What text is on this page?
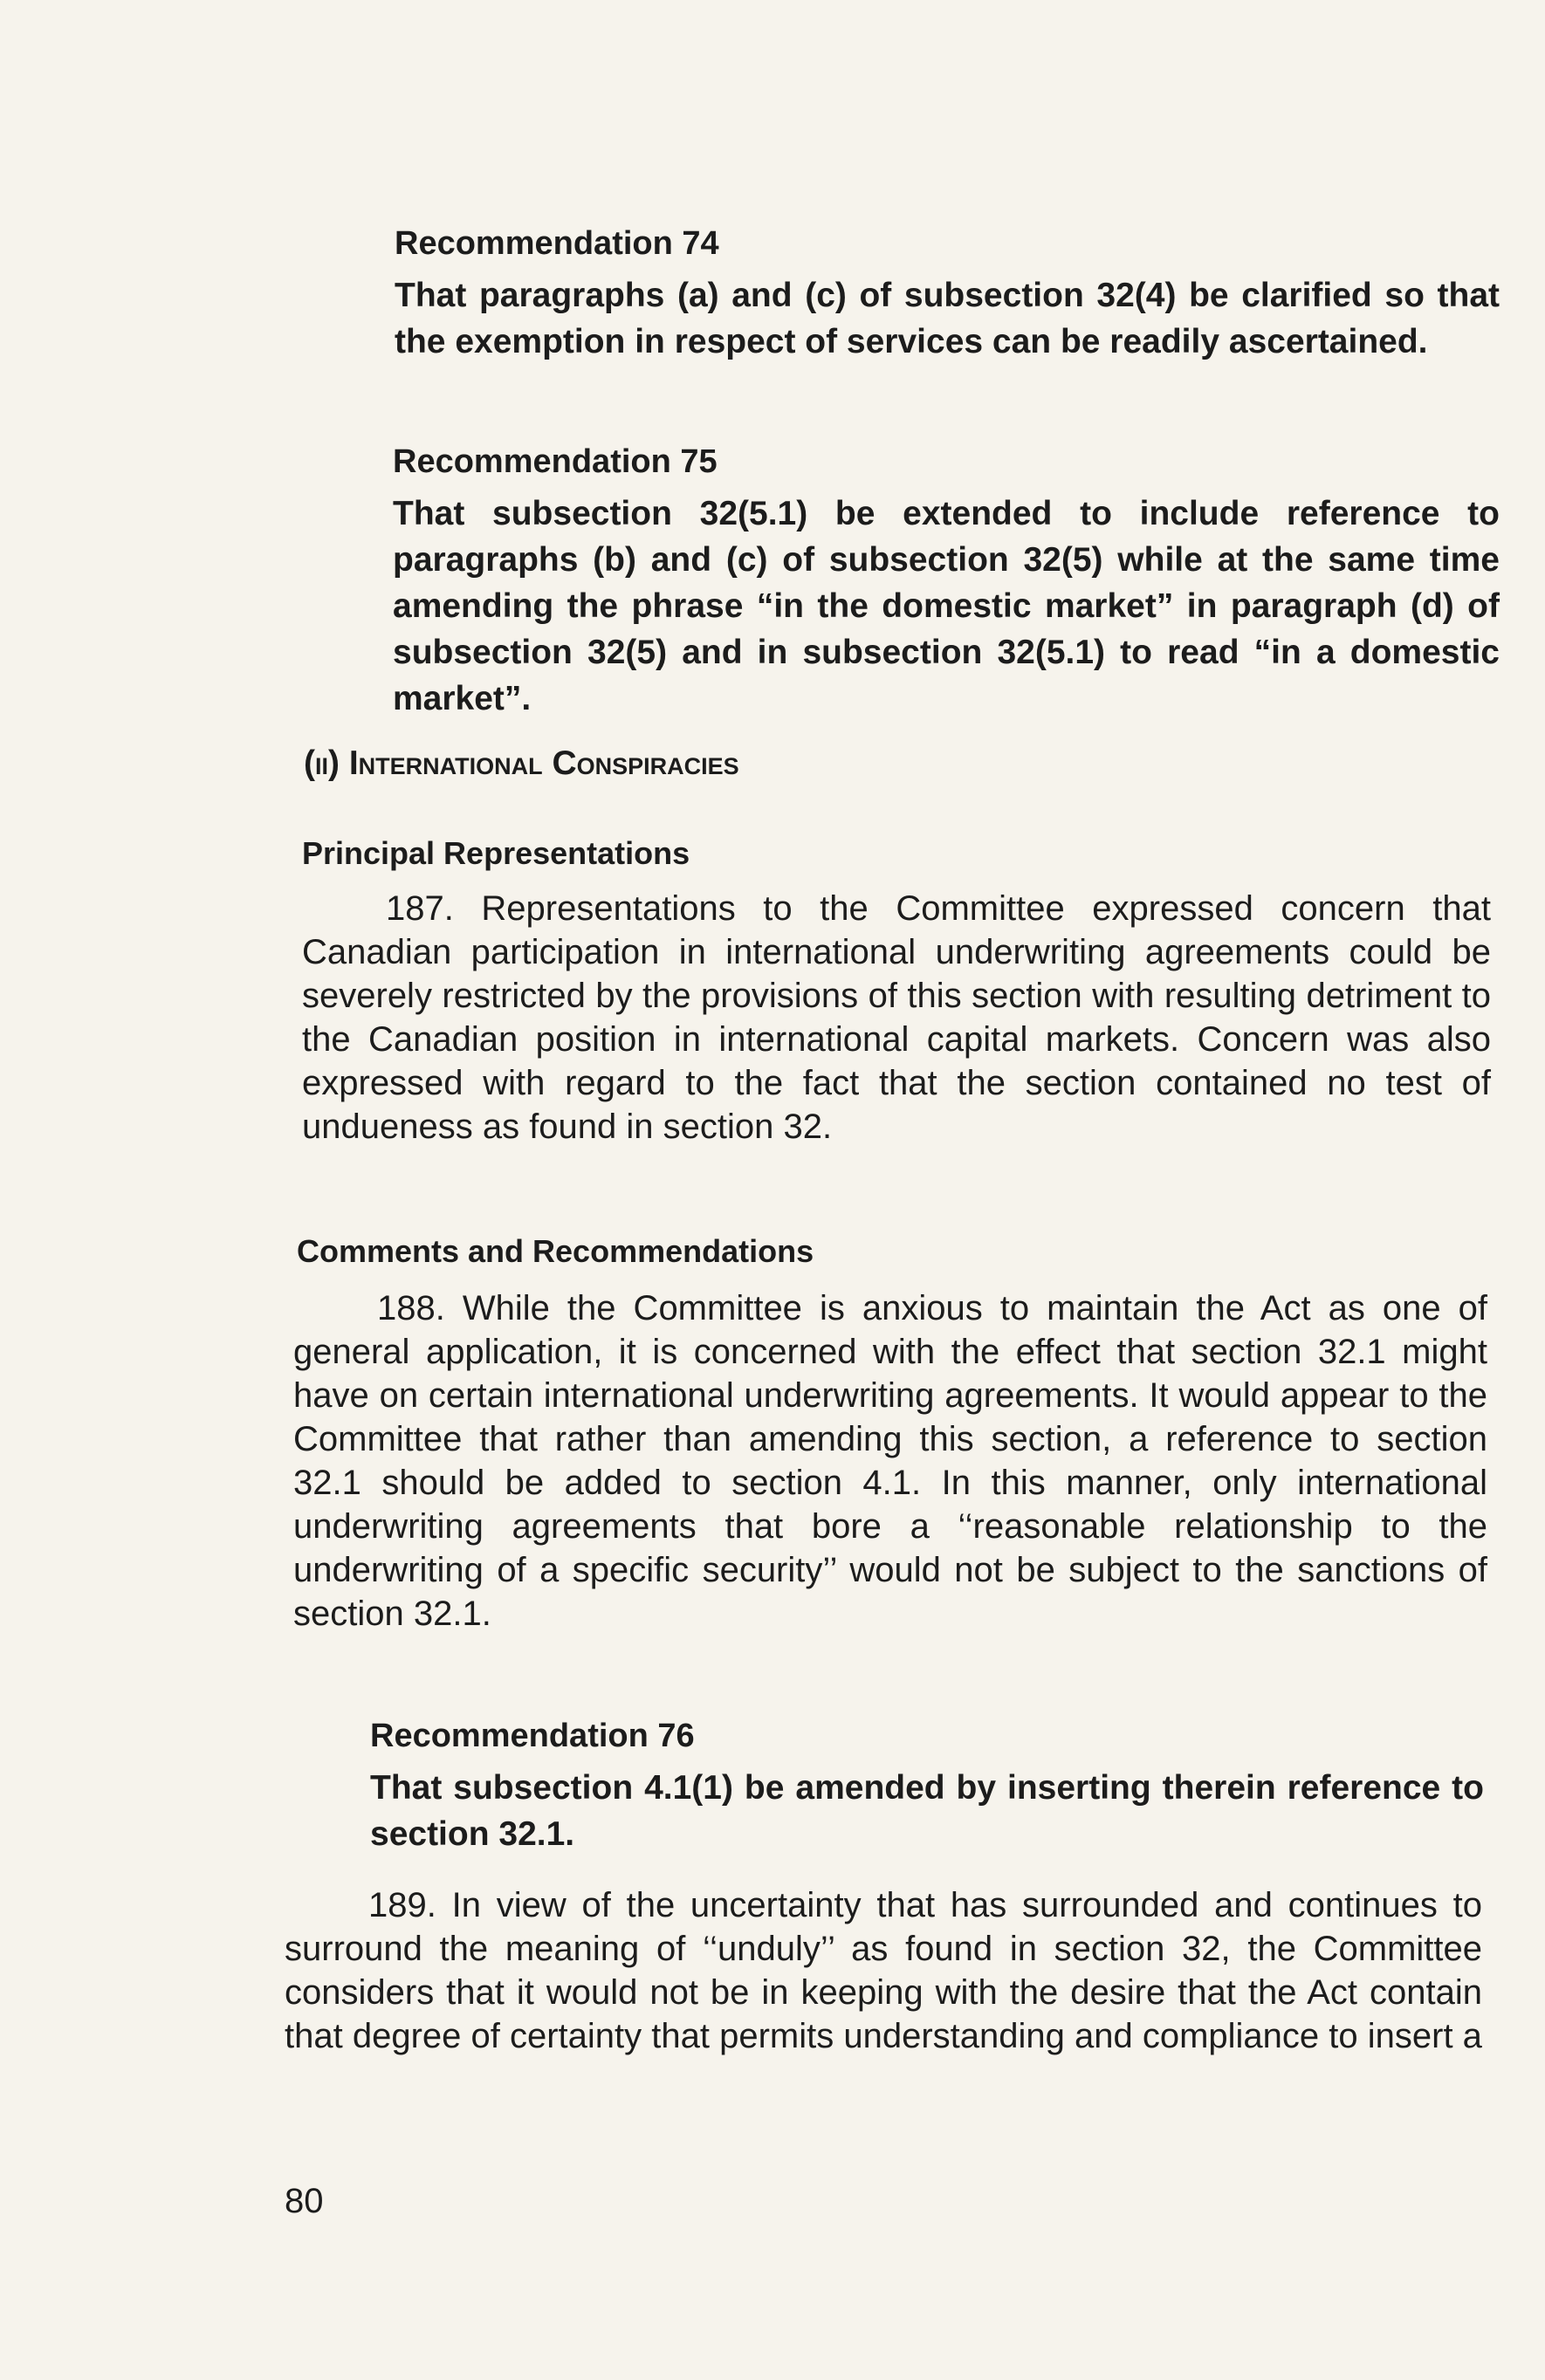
Recommendation 74

That paragraphs (a) and (c) of subsection 32(4) be clarified so that the exemption in respect of services can be readily ascertained.

Recommendation 75

That subsection 32(5.1) be extended to include reference to paragraphs (b) and (c) of subsection 32(5) while at the same time amending the phrase “in the domestic market” in paragraph (d) of subsection 32(5) and in subsection 32(5.1) to read “in a domestic market”.

(ii) International Conspiracies
Principal Representations

187. Representations to the Committee expressed concern that Canadian participation in international underwriting agreements could be severely restricted by the provisions of this section with resulting detriment to the Canadian position in international capital markets. Concern was also expressed with regard to the fact that the section contained no test of undueness as found in section 32.

Comments and Recommendations

188. While the Committee is anxious to maintain the Act as one of general application, it is concerned with the effect that section 32.1 might have on certain international underwriting agreements. It would appear to the Committee that rather than amending this section, a reference to section 32.1 should be added to section 4.1. In this manner, only international underwriting agreements that bore a ‘‘reasonable relationship to the underwriting of a specific security’’ would not be subject to the sanctions of section 32.1.

Recommendation 76

That subsection 4.1(1) be amended by inserting therein reference to section 32.1.

189. In view of the uncertainty that has surrounded and continues to surround the meaning of ‘‘unduly’’ as found in section 32, the Committee considers that it would not be in keeping with the desire that the Act contain that degree of certainty that permits understanding and compliance to insert a

80
